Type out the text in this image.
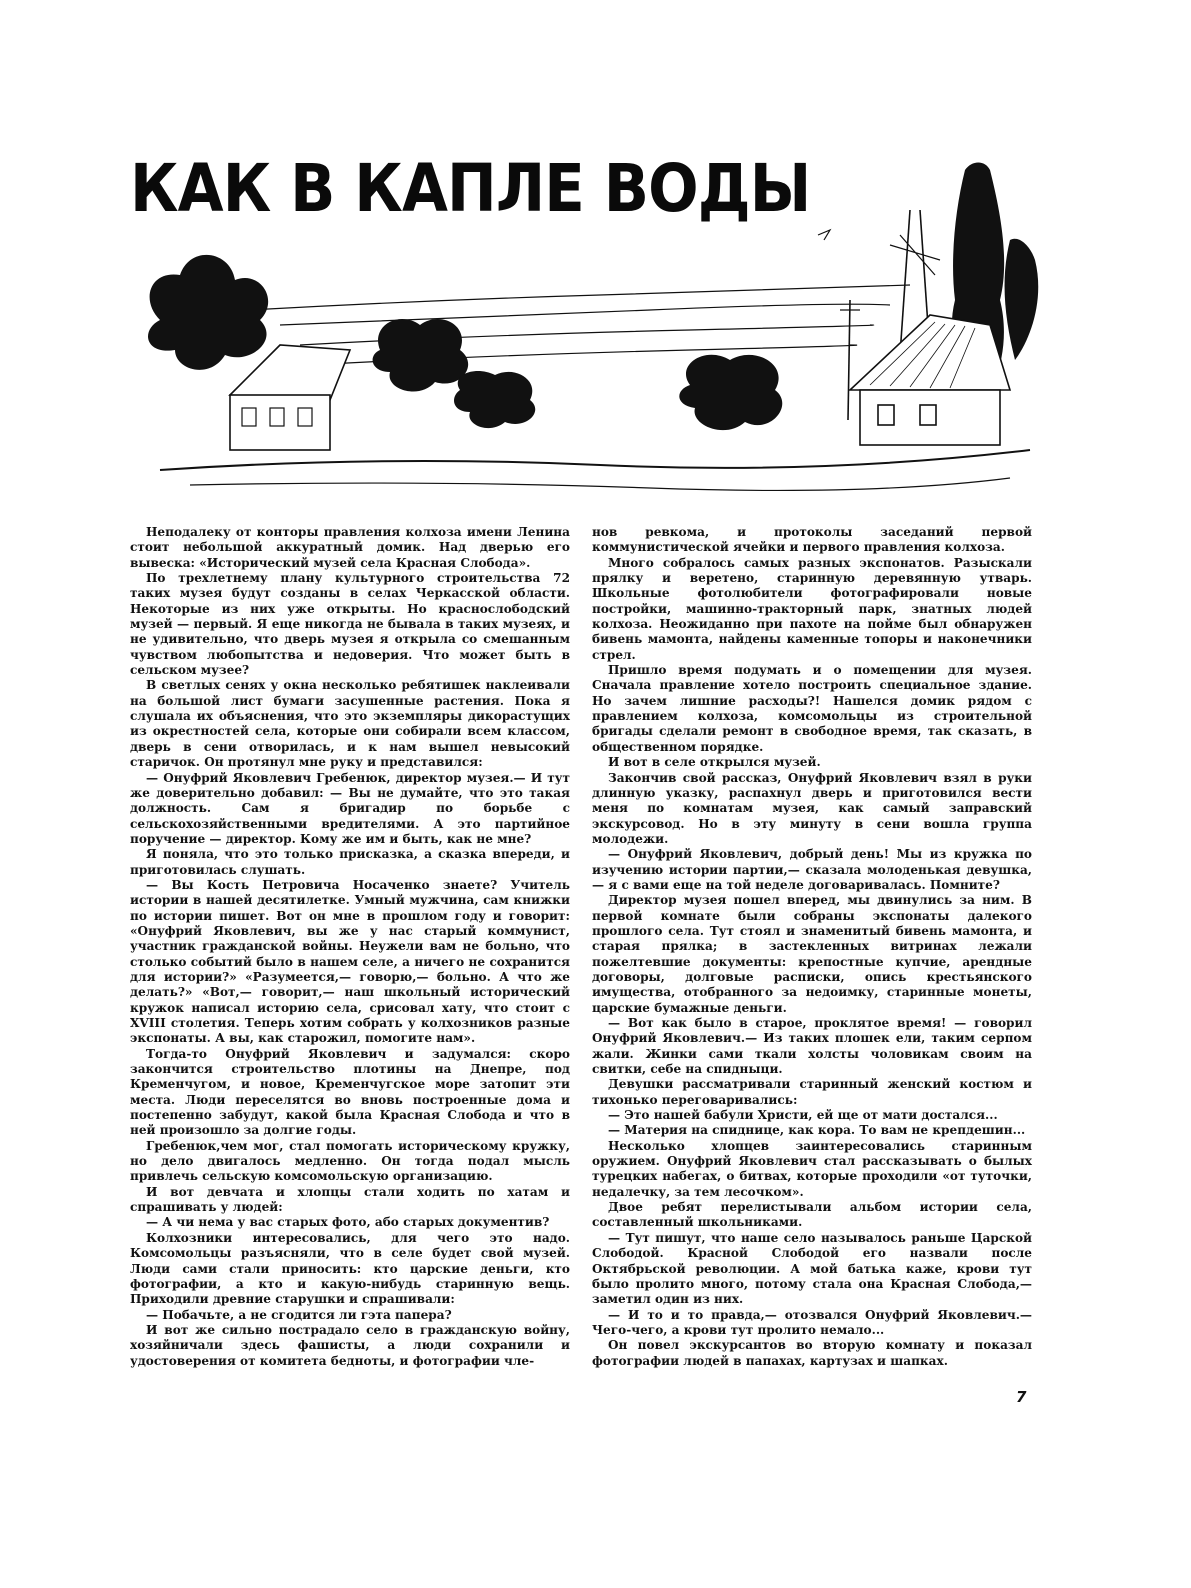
КАК В КАПЛЕ ВОДЫ

Неподалеку от конторы правления колхоза имени Ленина стоит небольшой аккуратный домик. Над дверью его вывеска: «Исторический музей села Красная Слобода».

По трехлетнему плану культурного строительства 72 таких музея будут созданы в селах Черкасской области. Некоторые из них уже открыты. Но краснослободский музей — первый. Я еще никогда не бывала в таких музеях, и не удивительно, что дверь музея я открыла со смешанным чувством любопытства и недоверия. Что может быть в сельском музее?

В светлых сенях у окна несколько ребятишек наклеивали на большой лист бумаги засушенные растения. Пока я слушала их объяснения, что это экземпляры дикорастущих из окрестностей села, которые они собирали всем классом, дверь в сени отворилась, и к нам вышел невысокий старичок. Он протянул мне руку и представился:

— Онуфрий Яковлевич Гребенюк, директор музея.— И тут же доверительно добавил: — Вы не думайте, что это такая должность. Сам я бригадир по борьбе с сельскохозяйственными вредителями. А это партийное поручение — директор. Кому же им и быть, как не мне?

Я поняла, что это только присказка, а сказка впереди, и приготовилась слушать.

— Вы Кость Петровича Носаченко знаете? Учитель истории в нашей десятилетке. Умный мужчина, сам книжки по истории пишет. Вот он мне в прошлом году и говорит: «Онуфрий Яковлевич, вы же у нас старый коммунист, участник гражданской войны. Неужели вам не больно, что столько событий было в нашем селе, а ничего не сохранится для истории?» «Разумеется,— говорю,— больно. А что же делать?» «Вот,— говорит,— наш школьный исторический кружок написал историю села, срисовал хату, что стоит с XVIII столетия. Теперь хотим собрать у колхозников разные экспонаты. А вы, как старожил, помогите нам».

Тогда-то Онуфрий Яковлевич и задумался: скоро закончится строительство плотины на Днепре, под Кременчугом, и новое, Кременчугское море затопит эти места. Люди переселятся во вновь построенные дома и постепенно забудут, какой была Красная Слобода и что в ней произошло за долгие годы.

Гребенюк,чем мог, стал помогать историческому кружку, но дело двигалось медленно. Он тогда подал мысль привлечь сельскую комсомольскую организацию.

И вот девчата и хлопцы стали ходить по хатам и спрашивать у людей:

— А чи нема у вас старых фото, або старых документив?

Колхозники интересовались, для чего это надо. Комсомольцы разъясняли, что в селе будет свой музей. Люди сами стали приносить: кто царские деньги, кто фотографии, а кто и какую-нибудь старинную вещь. Приходили древние старушки и спрашивали:

— Побачьте, а не сгодится ли гэта папера?

И вот же сильно пострадало село в гражданскую войну, хозяйничали здесь фашисты, а люди сохранили и удостоверения от комитета бедноты, и фотографии чле-

нов ревкома, и протоколы заседаний первой коммунистической ячейки и первого правления колхоза.

Много собралось самых разных экспонатов. Разыскали прялку и веретено, старинную деревянную утварь. Школьные фотолюбители фотографировали новые постройки, машинно-тракторный парк, знатных людей колхоза. Неожиданно при пахоте на пойме был обнаружен бивень мамонта, найдены каменные топоры и наконечники стрел.

Пришло время подумать и о помещении для музея. Сначала правление хотело построить специальное здание. Но зачем лишние расходы?! Нашелся домик рядом с правлением колхоза, комсомольцы из строительной бригады сделали ремонт в свободное время, так сказать, в общественном порядке.

И вот в селе открылся музей.

Закончив свой рассказ, Онуфрий Яковлевич взял в руки длинную указку, распахнул дверь и приготовился вести меня по комнатам музея, как самый заправский экскурсовод. Но в эту минуту в сени вошла группа молодежи.

— Онуфрий Яковлевич, добрый день! Мы из кружка по изучению истории партии,— сказала молоденькая девушка,— я с вами еще на той неделе договаривалась. Помните?

Директор музея пошел вперед, мы двинулись за ним. В первой комнате были собраны экспонаты далекого прошлого села. Тут стоял и знаменитый бивень мамонта, и старая прялка; в застекленных витринах лежали пожелтевшие документы: крепостные купчие, арендные договоры, долговые расписки, опись крестьянского имущества, отобранного за недоимку, старинные монеты, царские бумажные деньги.

— Вот как было в старое, проклятое время! — говорил Онуфрий Яковлевич.— Из таких плошек ели, таким серпом жали. Жинки сами ткали холсты чоловикам своим на свитки, себе на спидныци.

Девушки рассматривали старинный женский костюм и тихонько переговаривались:

— Это нашей бабули Христи, ей ще от мати достался...

— Материя на спиднице, как кора. То вам не крепдешин...

Несколько хлопцев заинтересовались старинным оружием. Онуфрий Яковлевич стал рассказывать о былых турецких набегах, о битвах, которые проходили «от туточки, недалечку, за тем лесочком».

Двое ребят перелистывали альбом истории села, составленный школьниками.

— Тут пишут, что наше село называлось раньше Царской Слободой. Красной Слободой его назвали после Октябрьской революции. А мой батька каже, крови тут было пролито много, потому стала она Красная Слобода,— заметил один из них.

— И то и то правда,— отозвался Онуфрий Яковлевич.— Чего-чего, а крови тут пролито немало...

Он повел экскурсантов во вторую комнату и показал фотографии людей в папахах, картузах и шапках.

7
